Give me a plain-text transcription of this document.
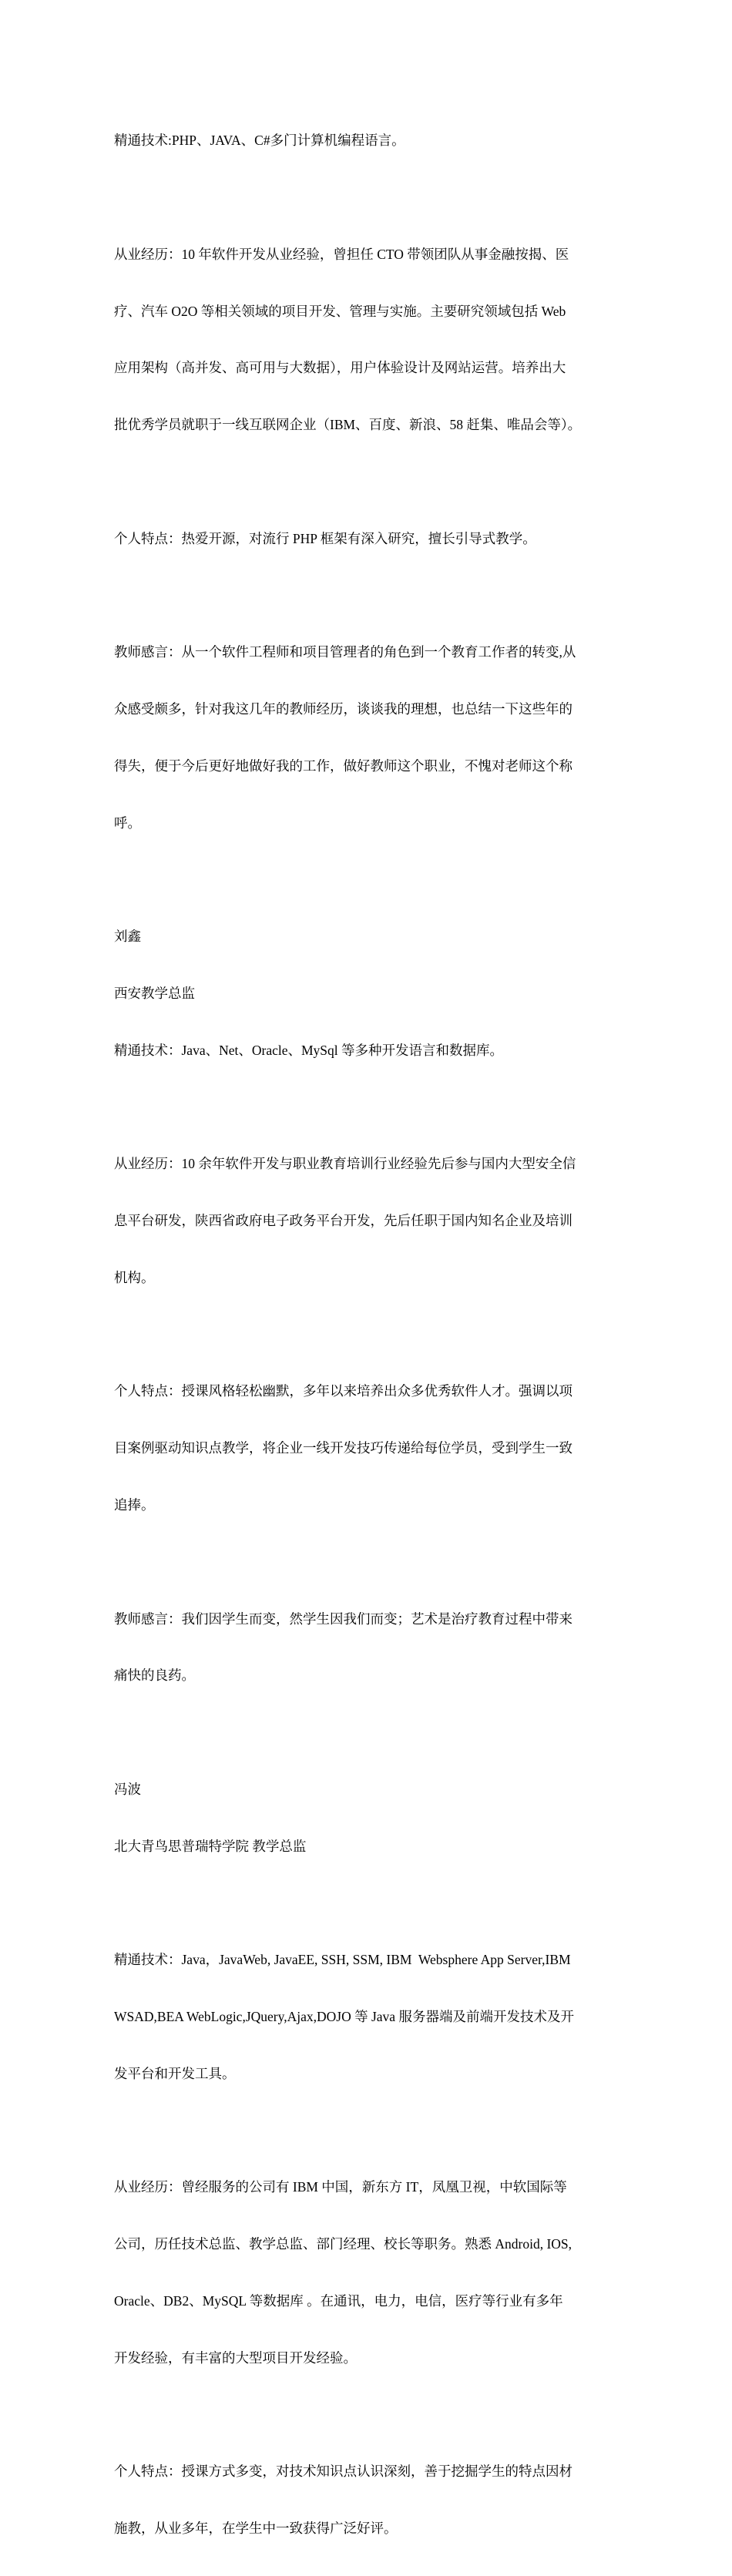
精通技术:PHP、JAVA、C#多门计算机编程语言。

从业经历：10 年软件开发从业经验，曾担任 CTO 带领团队从事金融按揭、医

疗、汽车 O2O 等相关领域的项目开发、管理与实施。主要研究领域包括 Web

应用架构（高并发、高可用与大数据），用户体验设计及网站运营。培养出大

批优秀学员就职于一线互联网企业（IBM、百度、新浪、58 赶集、唯品会等）。

个人特点：热爱开源，对流行 PHP 框架有深入研究，擅长引导式教学。

教师感言：从一个软件工程师和项目管理者的角色到一个教育工作者的转变,从

众感受颇多，针对我这几年的教师经历，谈谈我的理想，也总结一下这些年的

得失，便于今后更好地做好我的工作，做好教师这个职业，不愧对老师这个称

呼。

刘鑫

西安教学总监

精通技术：Java、Net、Oracle、MySql 等多种开发语言和数据库。

从业经历：10 余年软件开发与职业教育培训行业经验先后参与国内大型安全信

息平台研发，陕西省政府电子政务平台开发，先后任职于国内知名企业及培训

机构。

个人特点：授课风格轻松幽默，多年以来培养出众多优秀软件人才。强调以项

目案例驱动知识点教学，将企业一线开发技巧传递给每位学员，受到学生一致

追捧。

教师感言：我们因学生而变，然学生因我们而变；艺术是治疗教育过程中带来

痛快的良药。

冯波

北大青鸟思普瑞特学院 教学总监

精通技术：Java，JavaWeb, JavaEE, SSH, SSM, IBM  Websphere App Server,IBM

WSAD,BEA WebLogic,JQuery,Ajax,DOJO 等 Java 服务器端及前端开发技术及开

发平台和开发工具。

从业经历：曾经服务的公司有 IBM 中国，新东方 IT，凤凰卫视，中软国际等

公司，历任技术总监、教学总监、部门经理、校长等职务。熟悉 Android, IOS,

Oracle、DB2、MySQL 等数据库 。在通讯，电力，电信，医疗等行业有多年

开发经验，有丰富的大型项目开发经验。

个人特点：授课方式多变，对技术知识点认识深刻，善于挖掘学生的特点因材

施教，从业多年，在学生中一致获得广泛好评。
